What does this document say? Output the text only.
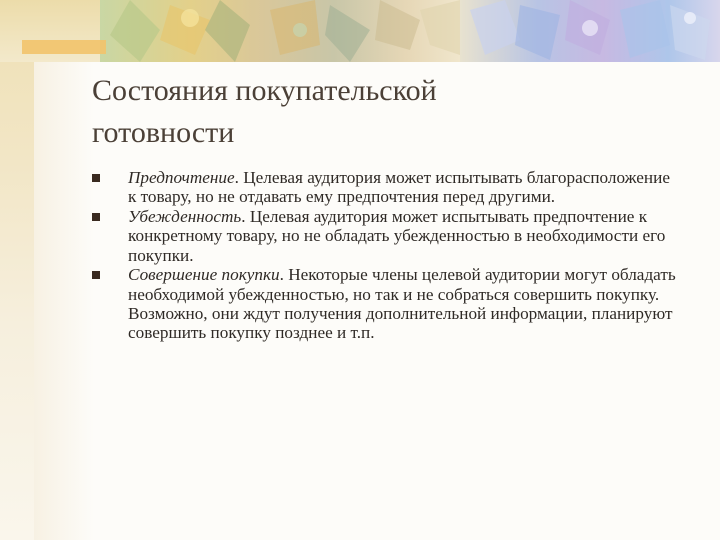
Состояния покупательской
готовности
Предпочтение. Целевая аудитория может испытывать благорасположение к товару, но не отдавать ему предпочтения перед другими.
Убежденность. Целевая аудитория может испытывать предпочтение к конкретному товару, но не обладать убежденностью в необходимости его покупки.
Совершение покупки. Некоторые члены целевой аудитории могут обладать необходимой убежденностью, но так и не собраться совершить покупку. Возможно, они ждут получения дополнительной информации, планируют совершить покупку позднее и т.п.
